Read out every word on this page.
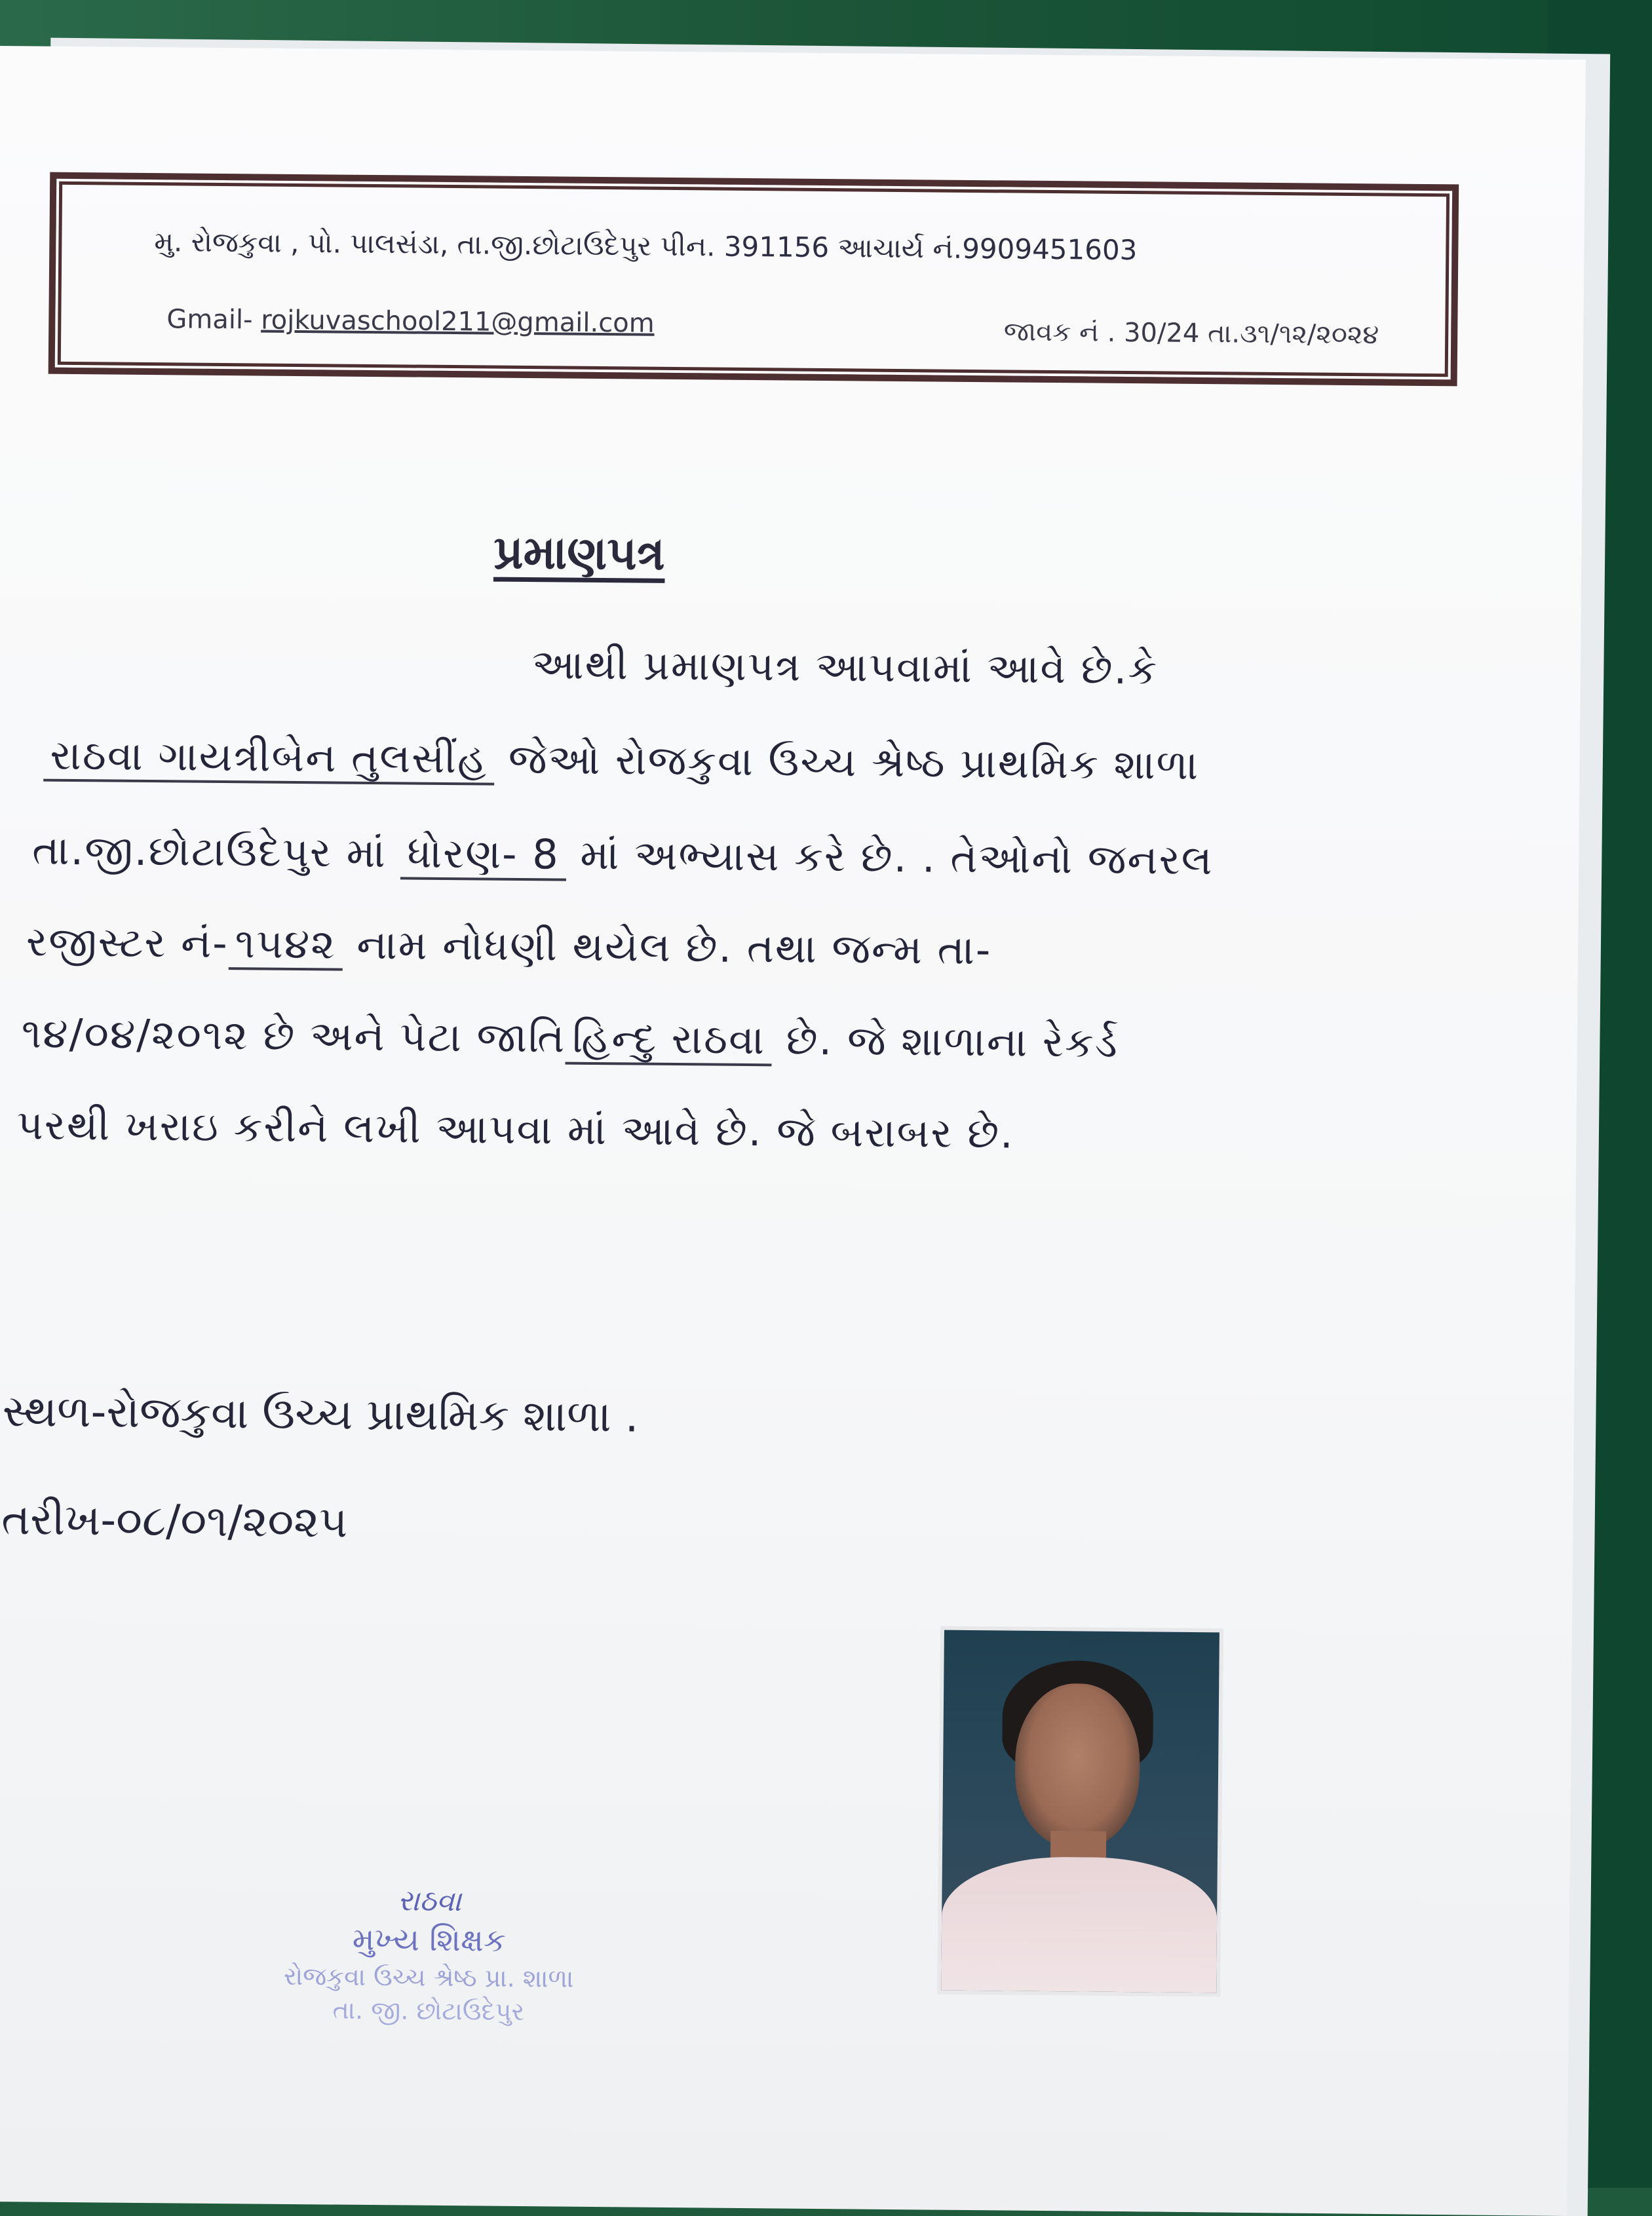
મુ. રોજકુવા , પો. પાલસંડા, તા.જી.છોટાઉદેપુર પીન. 391156 આચાર્ય નં.9909451603
Gmail- rojkuvaschool211@gmail.com	જાવક નં . 30/24 તા.૩૧/૧૨/૨૦૨૪
પ્રમાણપત્ર
આથી પ્રમાણપત્ર આપવામાં આવે છે.કે
રાઠવા ગાયત્રીબેન તુલસીંહ જેઓ રોજકુવા ઉચ્ચ શ્રેષ્ઠ પ્રાથમિક શાળા
તા.જી.છોટાઉદેપુર માં ધોરણ- 8 માં અભ્યાસ કરે છે. . તેઓનો જનરલ
રજીસ્ટર નં- ૧૫૪૨ નામ નોધણી થયેલ છે. તથા જન્મ તા-
૧૪/૦૪/૨૦૧૨ છે અને પેટા જાતિ હિન્દુ રાઠવા છે. જે શાળાના રેકર્ડ
પરથી ખરાઇ કરીને લખી આપવા માં આવે છે. જે બરાબર છે.
સ્થળ-રોજકુવા ઉચ્ચ પ્રાથમિક શાળા .
તરીખ-૦૮/૦૧/૨૦૨૫
રાઠવા
મુખ્ય શિક્ષક
રોજકુવા ઉચ્ચ શ્રેષ્ઠ પ્રા. શાળા
તા. જી. છોટાઉદેપુર
